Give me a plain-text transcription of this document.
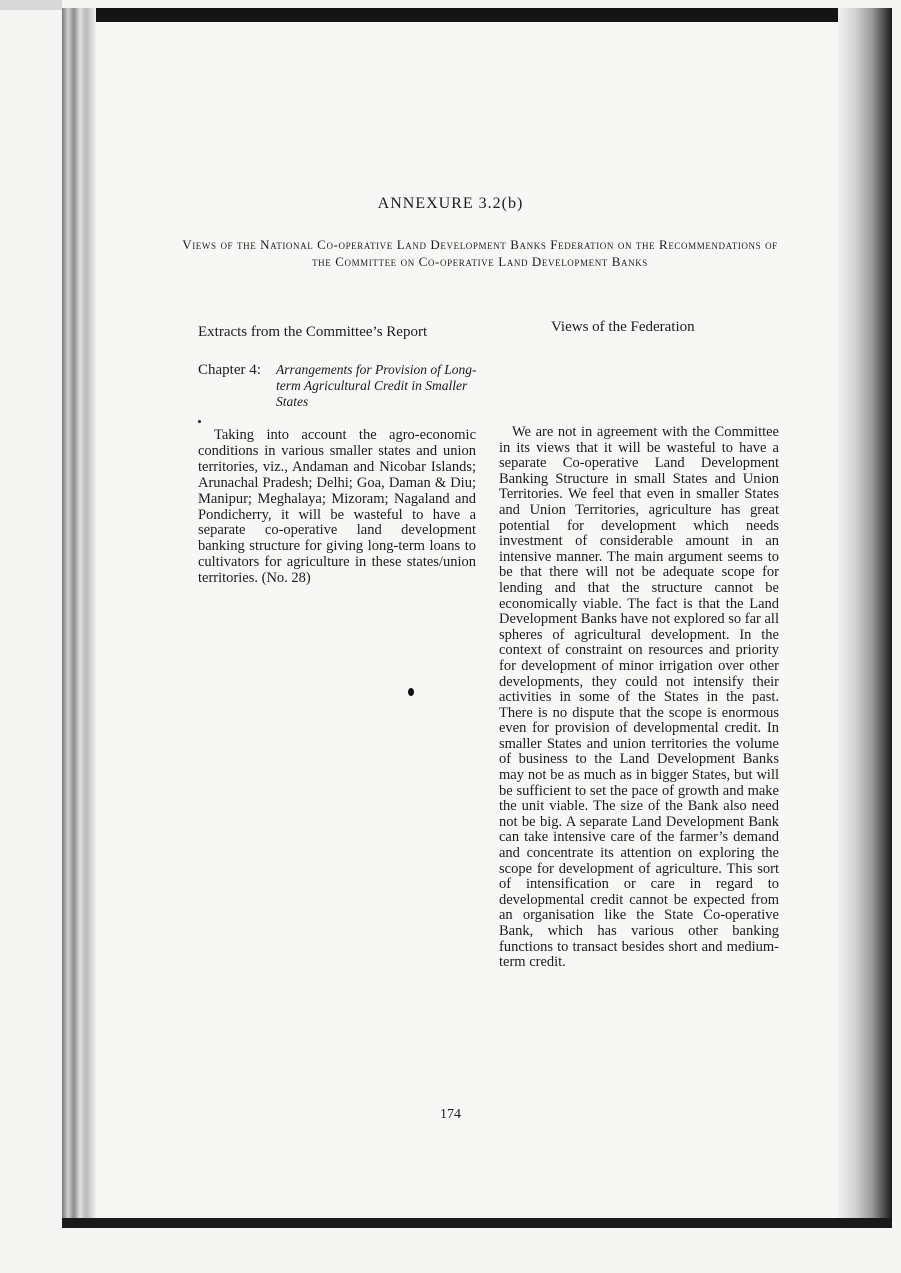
ANNEXURE 3.2(b)
Views of the National Co-operative Land Development Banks Federation on the Recommendations of the Committee on Co-operative Land Development Banks
Extracts from the Committee’s Report	Views of the Federation
Chapter 4: Arrangements for Provision of Long-term Agricultural Credit in Smaller States
Taking into account the agro-economic conditions in various smaller states and union territories, viz., Andaman and Nicobar Islands; Arunachal Pradesh; Delhi; Goa, Daman & Diu; Manipur; Meghalaya; Mizoram; Nagaland and Pondicherry, it will be wasteful to have a separate co-operative land development banking structure for giving long-term loans to cultivators for agriculture in these states/union territories. (No. 28)
We are not in agreement with the Committee in its views that it will be wasteful to have a separate Co-operative Land Development Banking Structure in small States and Union Territories. We feel that even in smaller States and Union Territories, agriculture has great potential for development which needs investment of considerable amount in an intensive manner. The main argument seems to be that there will not be adequate scope for lending and that the structure cannot be economically viable. The fact is that the Land Development Banks have not explored so far all spheres of agricultural development. In the context of constraint on resources and priority for development of minor irrigation over other developments, they could not intensify their activities in some of the States in the past. There is no dispute that the scope is enormous even for provision of developmental credit. In smaller States and union territories the volume of business to the Land Development Banks may not be as much as in bigger States, but will be sufficient to set the pace of growth and make the unit viable. The size of the Bank also need not be big. A separate Land Development Bank can take intensive care of the farmer’s demand and concentrate its attention on exploring the scope for development of agriculture. This sort of intensification or care in regard to developmental credit cannot be expected from an organisation like the State Co-operative Bank, which has various other banking functions to transact besides short and medium-term credit.
174
